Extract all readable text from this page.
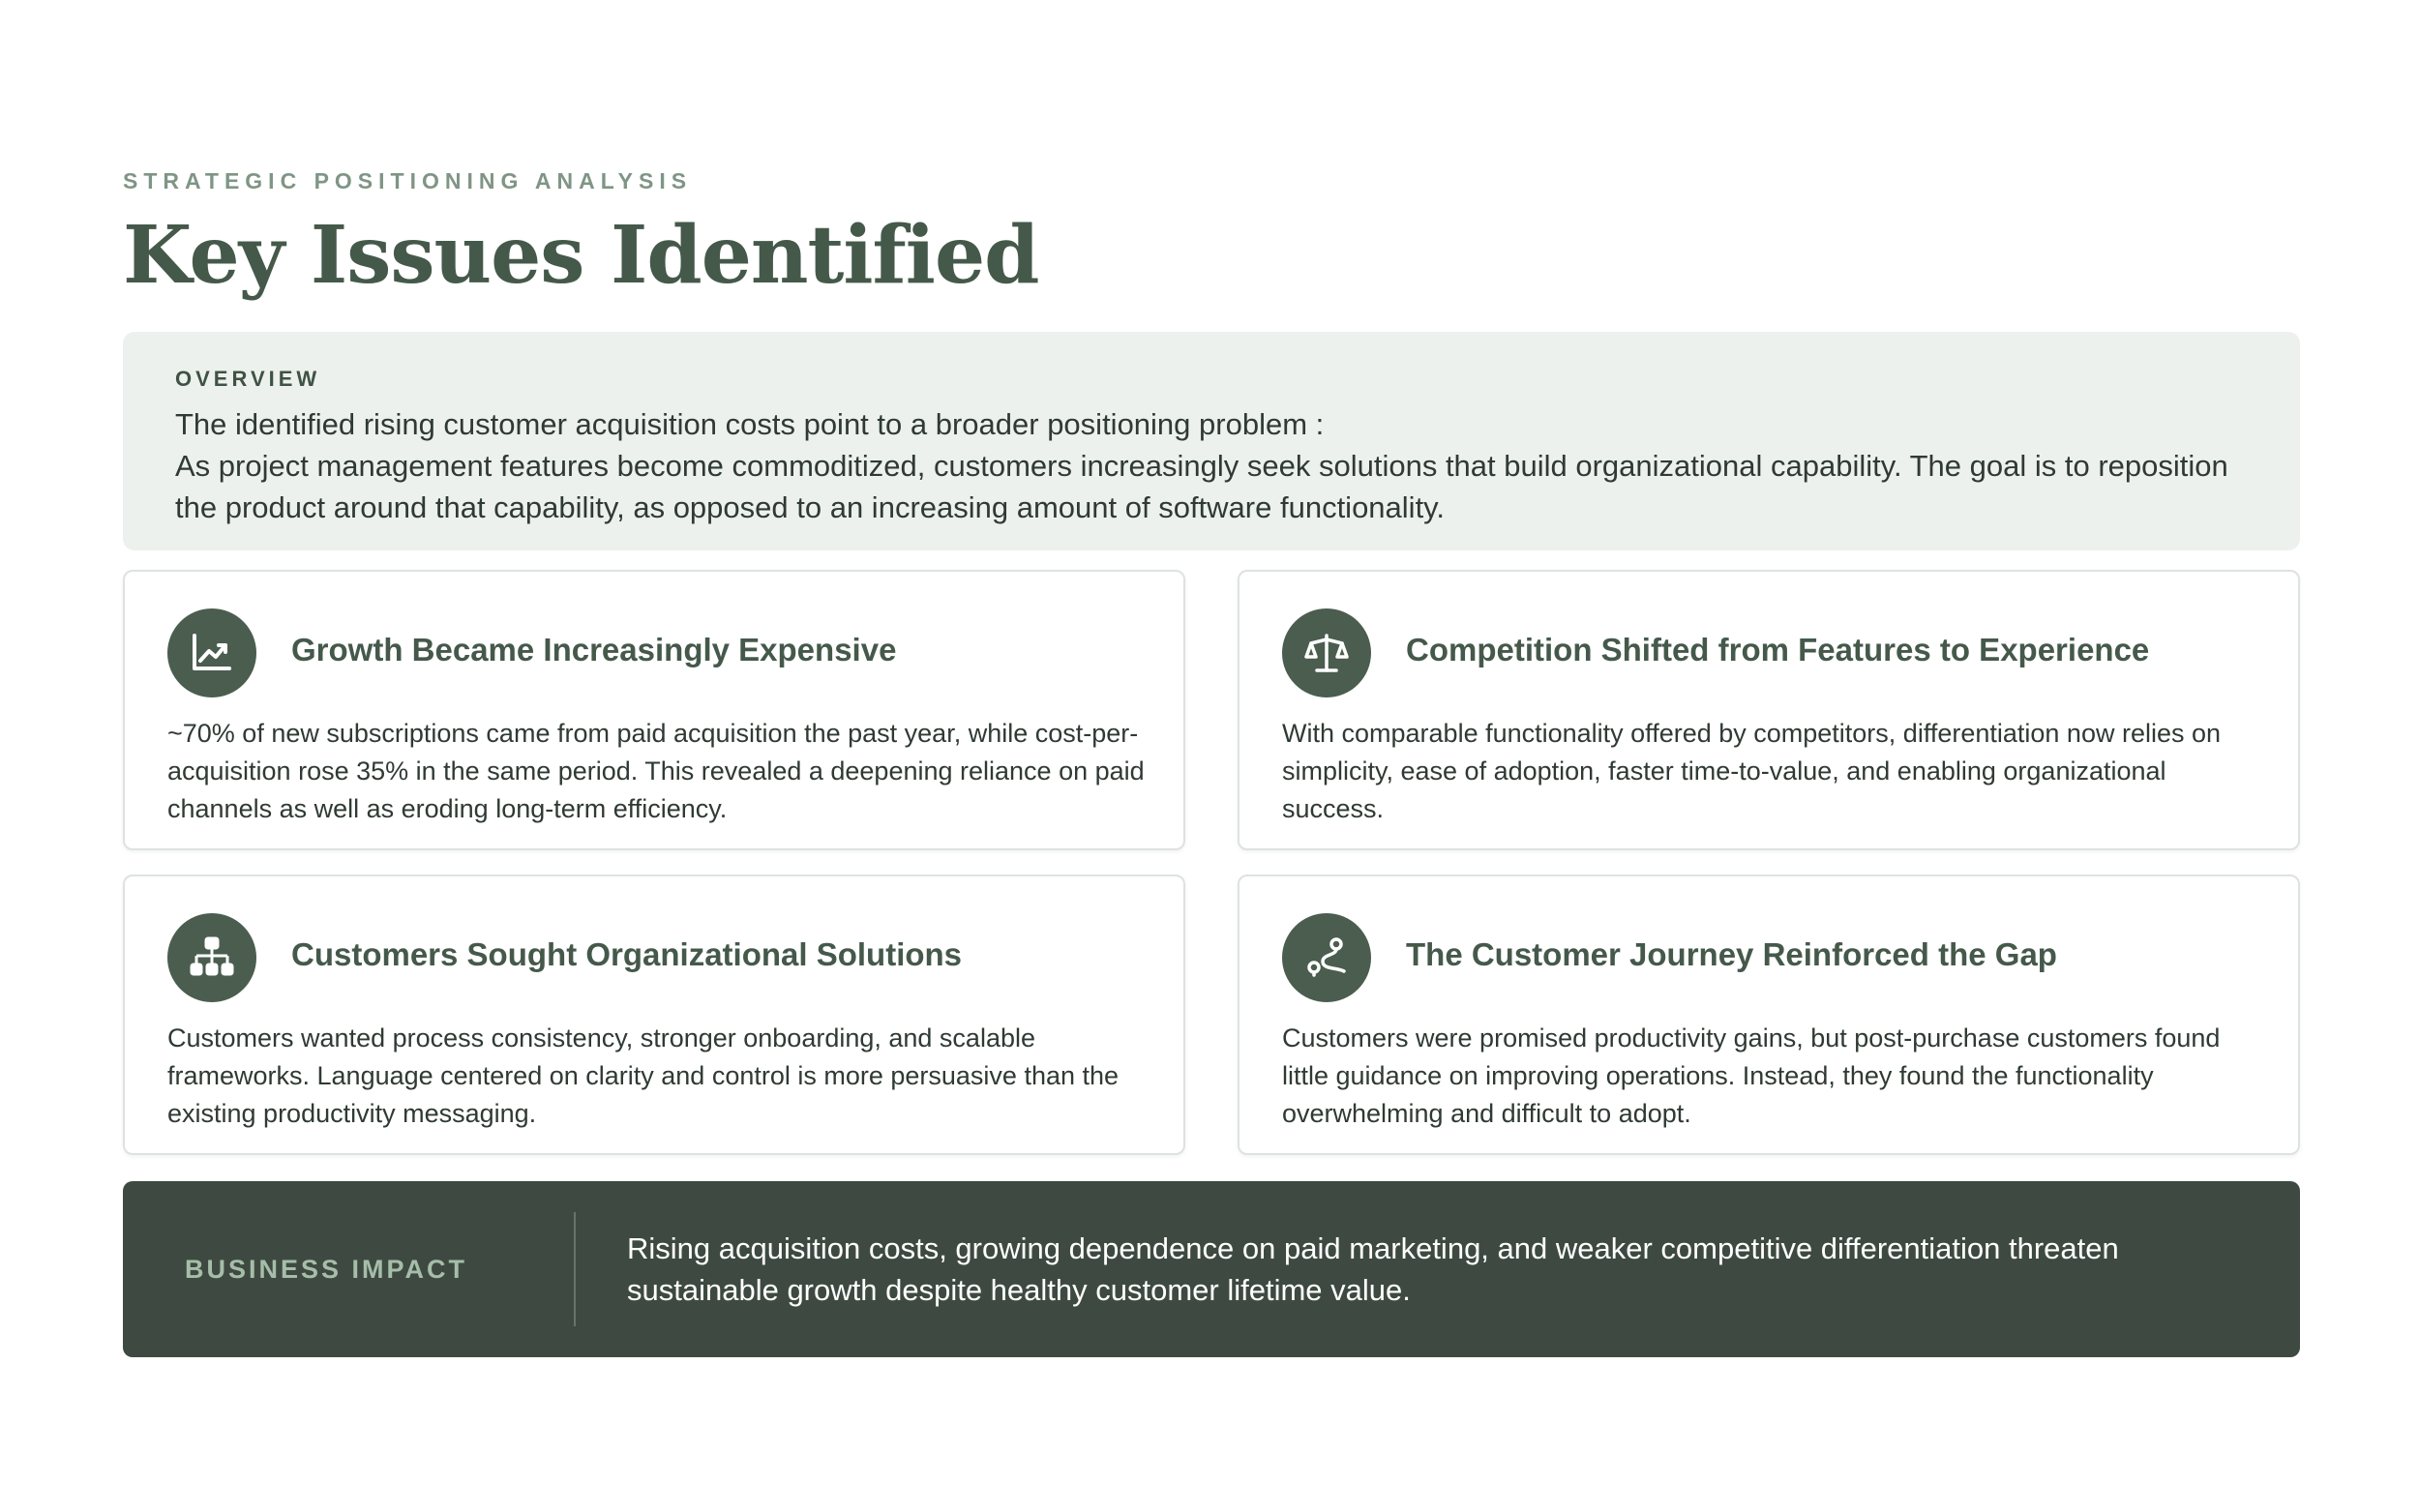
STRATEGIC POSITIONING ANALYSIS
Key Issues Identified
OVERVIEW
The identified rising customer acquisition costs point to a broader positioning problem :
As project management features become commoditized, customers increasingly seek solutions that build organizational capability. The goal is to reposition the product around that capability, as opposed to an increasing amount of software functionality.
Growth Became Increasingly Expensive
~70% of new subscriptions came from paid acquisition the past year, while cost-per-acquisition rose 35% in the same period. This revealed a deepening reliance on paid channels as well as eroding long-term efficiency.
Competition Shifted from Features to Experience
With comparable functionality offered by competitors, differentiation now relies on simplicity, ease of adoption, faster time-to-value, and enabling organizational success.
Customers Sought Organizational Solutions
Customers wanted process consistency, stronger onboarding, and scalable frameworks. Language centered on clarity and control is more persuasive than the existing productivity messaging.
The Customer Journey Reinforced the Gap
Customers were promised productivity gains, but post-purchase customers found little guidance on improving operations. Instead, they found the functionality overwhelming and difficult to adopt.
BUSINESS IMPACT
Rising acquisition costs, growing dependence on paid marketing, and weaker competitive differentiation threaten sustainable growth despite healthy customer lifetime value.
